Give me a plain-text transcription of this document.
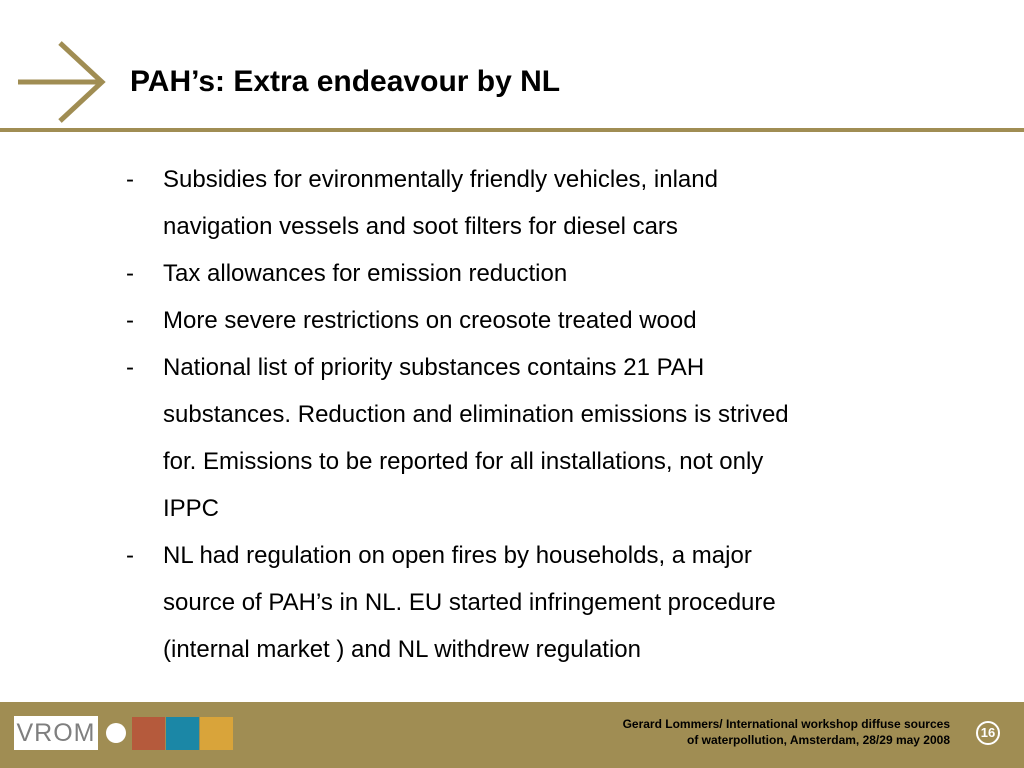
PAH’s: Extra endeavour by NL
- Subsidies for evironmentally friendly vehicles, inland
navigation vessels and soot filters for diesel cars
- Tax allowances for emission reduction
- More severe restrictions on creosote treated wood
- National list of priority substances contains 21 PAH
substances. Reduction and elimination emissions is strived
for. Emissions to be reported for all installations, not only
IPPC
- NL had regulation on open fires by households, a major
source of PAH’s in NL. EU started infringement procedure
(internal market ) and NL withdrew regulation
VROM	Gerard Lommers/ International workshop diffuse sources
of waterpollution, Amsterdam, 28/29 may 2008	16
